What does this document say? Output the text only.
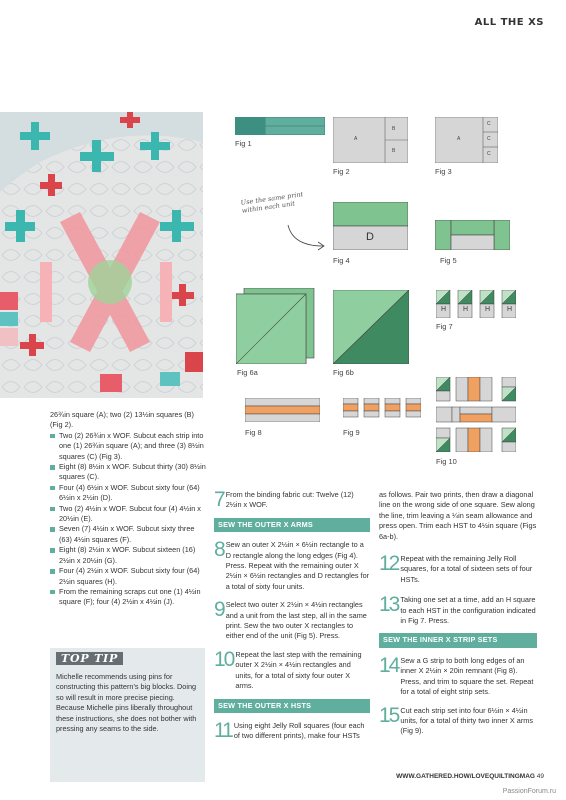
ALL THE XS
Fig 1	A
B
B
Fig 2
A
C
C
C
Fig 3
Use the same print within each unit
D
Fig 4	Fig 5
Fig 6a	Fig 6b
H H H H
Fig 7
Fig 8	Fig 9
Fig 10

26¾in square (A); two (2) 13½in squares (B) (Fig 2).

Two (2) 26¾in x WOF. Subcut each strip into one (1) 26¾in square (A); and three (3) 8½in squares (C) (Fig 3).
Eight (8) 8½in x WOF. Subcut thirty (30) 8½in squares (C).
Four (4) 6½in x WOF. Subcut sixty four (64) 6½in x 2½in (D).
Two (2) 4½in x WOF. Subcut four (4) 4½in x 20½in (E).
Seven (7) 4½in x WOF. Subcut sixty three (63) 4½in squares (F).
Eight (8) 2½in x WOF. Subcut sixteen (16) 2½in x 20½in (G).
Four (4) 2½in x WOF. Subcut sixty four (64) 2½in squares (H).
From the remaining scraps cut one (1) 4½in square (F); four (4) 2½in x 4½in (J).
TOP TIP
Michelle recommends using pins for constructing this pattern's big blocks. Doing so will result in more precise piecing. Because Michelle pins liberally throughout these instructions, she does not bother with pressing any seams to the side.
7 From the binding fabric cut: Twelve (12) 2½in x WOF.
SEW THE OUTER X ARMS
8 Sew an outer X 2½in × 6½in rectangle to a D rectangle along the long edges (Fig 4). Press. Repeat with the remaining outer X 2½in × 6½in rectangles and D rectangles for a total of sixty four units.
9 Select two outer X 2½in × 4½in rectangles and a unit from the last step, all in the same print. Sew the two outer X rectangles to either end of the unit (Fig 5). Press.
10 Repeat the last step with the remaining outer X 2½in × 4½in rectangles and units, for a total of sixty four outer X arms.
SEW THE OUTER X HSTS
11 Using eight Jelly Roll squares (four each of two different prints), make four HSTs

as follows. Pair two prints, then draw a diagonal line on the wrong side of one square. Sew along the line, trim leaving a ¼in seam allowance and press open. Trim each HST to 4½in square (Figs 6a-b).

12 Repeat with the remaining Jelly Roll squares, for a total of sixteen sets of four HSTs.
13 Taking one set at a time, add an H square to each HST in the configuration indicated in Fig 7. Press.
SEW THE INNER X STRIP SETS
14 Sew a G strip to both long edges of an inner X 2½in × 20in remnant (Fig 8). Press, and trim to square the set. Repeat for a total of eight strip sets.
15 Cut each strip set into four 6½in × 4½in units, for a total of thirty two inner X arms (Fig 9).
WWW.GATHERED.HOW/LOVEQUILTINGMAG 49
PassionForum.ru
